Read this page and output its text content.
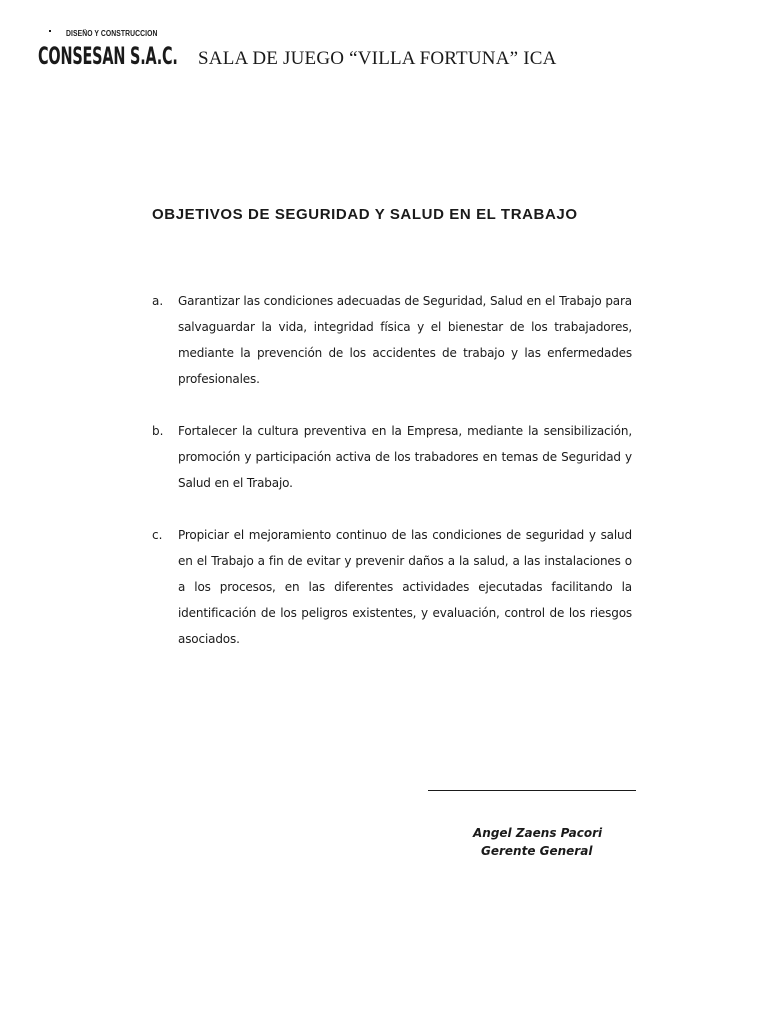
DISEÑO Y CONSTRUCCION
CONSESAN S.A.C. SALA DE JUEGO “VILLA FORTUNA” ICA
OBJETIVOS DE SEGURIDAD Y SALUD EN EL TRABAJO
a.	Garantizar las condiciones adecuadas de Seguridad, Salud en el Trabajo para salvaguardar la vida, integridad física y el bienestar de los trabajadores, mediante la prevención de los accidentes de trabajo y las enfermedades profesionales.
b.	Fortalecer la cultura preventiva en la Empresa, mediante la sensibilización, promoción y participación activa de los trabadores en temas de Seguridad y Salud en el Trabajo.
c.	Propiciar el mejoramiento continuo de las condiciones de seguridad y salud en el Trabajo a fin de evitar y prevenir daños a la salud, a las instalaciones o a los procesos, en las diferentes actividades ejecutadas facilitando la identificación de los peligros existentes, y evaluación, control de los riesgos asociados.
Angel Zaens Pacori
Gerente General
